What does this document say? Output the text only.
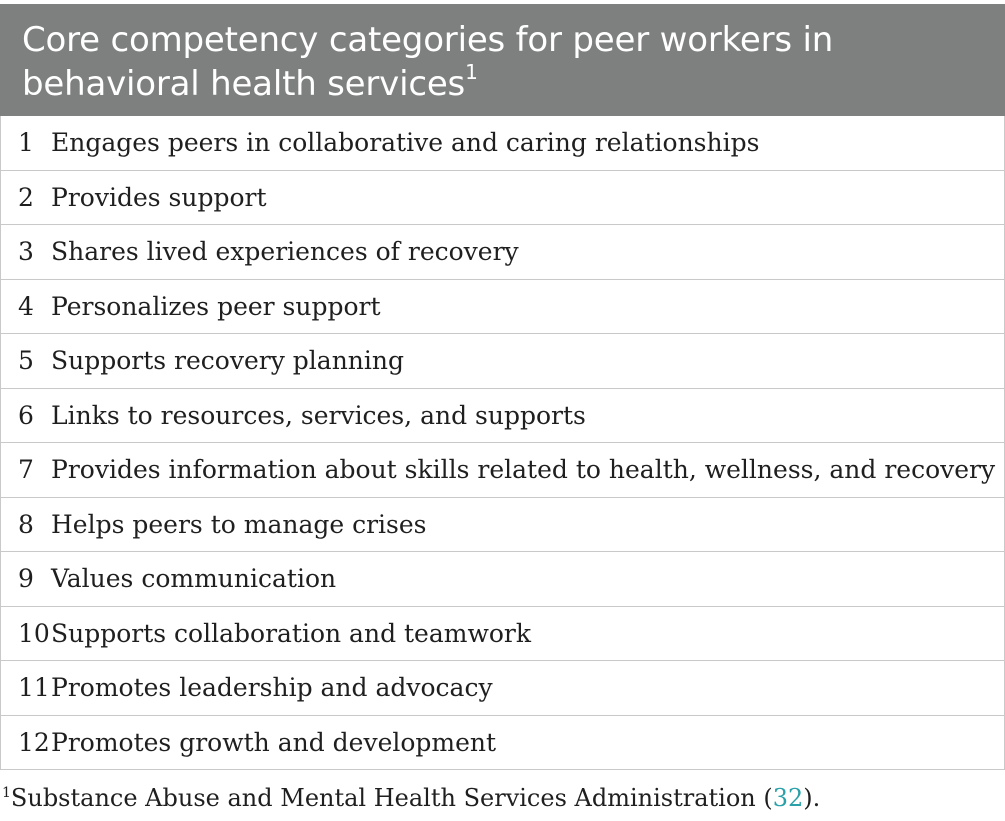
Core competency categories for peer workers in
behavioral health services$^1$
1 Engages peers in collaborative and caring relationships
2 Provides support
3 Shares lived experiences of recovery
4 Personalizes peer support
5 Supports recovery planning
6 Links to resources, services, and supports
7 Provides information about skills related to health, wellness, and recovery
8 Helps peers to manage crises
9 Values communication
10 Supports collaboration and teamwork
11 Promotes leadership and advocacy
12 Promotes growth and development
$^1$Substance Abuse and Mental Health Services Administration (32).
